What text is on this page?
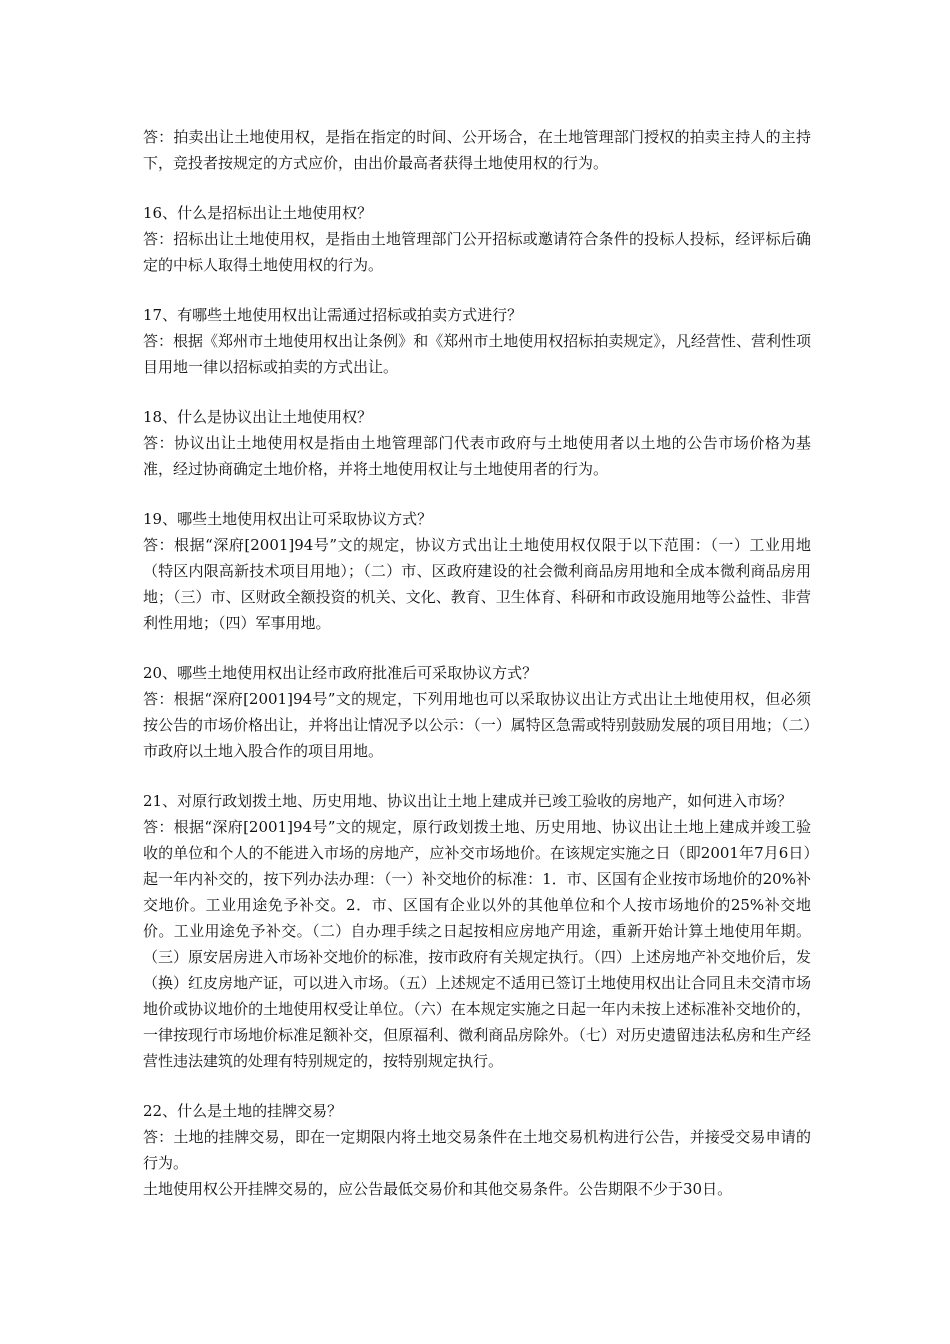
答：拍卖出让土地使用权，是指在指定的时间、公开场合，在土地管理部门授权的拍卖主持人的主持下，竞投者按规定的方式应价，由出价最高者获得土地使用权的行为。

16、什么是招标出让土地使用权？

答：招标出让土地使用权，是指由土地管理部门公开招标或邀请符合条件的投标人投标，经评标后确定的中标人取得土地使用权的行为。

17、有哪些土地使用权出让需通过招标或拍卖方式进行？

答：根据《郑州市土地使用权出让条例》和《郑州市土地使用权招标拍卖规定》，凡经营性、营利性项目用地一律以招标或拍卖的方式出让。

18、什么是协议出让土地使用权？

答：协议出让土地使用权是指由土地管理部门代表市政府与土地使用者以土地的公告市场价格为基准，经过协商确定土地价格，并将土地使用权让与土地使用者的行为。

19、哪些土地使用权出让可采取协议方式？

答：根据“深府[2001]94号”文的规定，协议方式出让土地使用权仅限于以下范围：（一）工业用地（特区内限高新技术项目用地）；（二）市、区政府建设的社会微利商品房用地和全成本微利商品房用地；（三）市、区财政全额投资的机关、文化、教育、卫生体育、科研和市政设施用地等公益性、非营利性用地；（四）军事用地。

20、哪些土地使用权出让经市政府批准后可采取协议方式？

答：根据“深府[2001]94号”文的规定，下列用地也可以采取协议出让方式出让土地使用权，但必须按公告的市场价格出让，并将出让情况予以公示：（一）属特区急需或特别鼓励发展的项目用地；（二）市政府以土地入股合作的项目用地。

21、对原行政划拨土地、历史用地、协议出让土地上建成并已竣工验收的房地产，如何进入市场？

答：根据“深府[2001]94号”文的规定，原行政划拨土地、历史用地、协议出让土地上建成并竣工验收的单位和个人的不能进入市场的房地产，应补交市场地价。在该规定实施之日（即2001年7月6日）起一年内补交的，按下列办法办理：（一）补交地价的标准：1．市、区国有企业按市场地价的20%补交地价。工业用途免予补交。2．市、区国有企业以外的其他单位和个人按市场地价的25%补交地价。工业用途免予补交。（二）自办理手续之日起按相应房地产用途，重新开始计算土地使用年期。（三）原安居房进入市场补交地价的标准，按市政府有关规定执行。（四）上述房地产补交地价后，发（换）红皮房地产证，可以进入市场。（五）上述规定不适用已签订土地使用权出让合同且未交清市场地价或协议地价的土地使用权受让单位。（六）在本规定实施之日起一年内未按上述标准补交地价的，一律按现行市场地价标准足额补交，但原福利、微利商品房除外。（七）对历史遗留违法私房和生产经营性违法建筑的处理有特别规定的，按特别规定执行。

22、什么是土地的挂牌交易？

答：土地的挂牌交易，即在一定期限内将土地交易条件在土地交易机构进行公告，并接受交易申请的行为。

土地使用权公开挂牌交易的，应公告最低交易价和其他交易条件。公告期限不少于30日。
